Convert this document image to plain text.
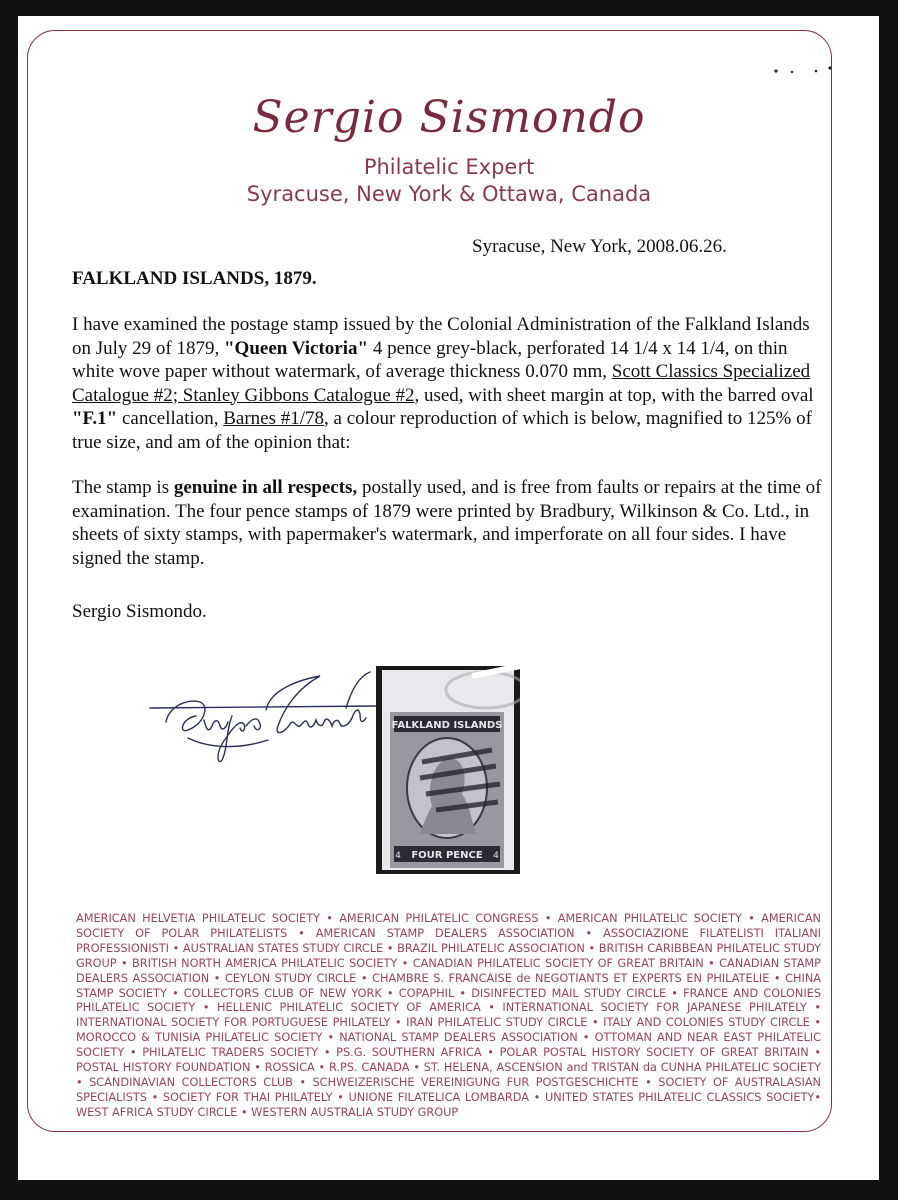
Sergio Sismondo
Philatelic Expert
Syracuse, New York & Ottawa, Canada
Syracuse, New York, 2008.06.26.
FALKLAND ISLANDS, 1879.
I have examined the postage stamp issued by the Colonial Administration of the Falkland Islands on July 29 of 1879, "Queen Victoria" 4 pence grey-black, perforated 14 1/4 x 14 1/4, on thin white wove paper without watermark, of average thickness 0.070 mm, Scott Classics Specialized Catalogue #2; Stanley Gibbons Catalogue #2, used, with sheet margin at top, with the barred oval "F.1" cancellation, Barnes #1/78, a colour reproduction of which is below, magnified to 125% of true size, and am of the opinion that:
The stamp is genuine in all respects, postally used, and is free from faults or repairs at the time of examination. The four pence stamps of 1879 were printed by Bradbury, Wilkinson & Co. Ltd., in sheets of sixty stamps, with papermaker's watermark, and imperforate on all four sides. I have signed the stamp.
Sergio Sismondo.
FALKLAND ISLANDS
FOUR PENCE
4	4
AMERICAN HELVETIA PHILATELIC SOCIETY • AMERICAN PHILATELIC CONGRESS • AMERICAN PHILATELIC SOCIETY • AMERICAN SOCIETY OF POLAR PHILATELISTS • AMERICAN STAMP DEALERS ASSOCIATION • ASSOCIAZIONE FILATELISTI ITALIANI PROFESSIONISTI • AUSTRALIAN STATES STUDY CIRCLE • BRAZIL PHILATELIC ASSOCIATION • BRITISH CARIBBEAN PHILATELIC STUDY GROUP • BRITISH NORTH AMERICA PHILATELIC SOCIETY • CANADIAN PHILATELIC SOCIETY OF GREAT BRITAIN • CANADIAN STAMP DEALERS ASSOCIATION • CEYLON STUDY CIRCLE • CHAMBRE S. FRANCAISE de NEGOTIANTS ET EXPERTS EN PHILATELIE • CHINA STAMP SOCIETY • COLLECTORS CLUB OF NEW YORK • COPAPHIL • DISINFECTED MAIL STUDY CIRCLE • FRANCE AND COLONIES PHILATELIC SOCIETY • HELLENIC PHILATELIC SOCIETY OF AMERICA • INTERNATIONAL SOCIETY FOR JAPANESE PHILATELY • INTERNATIONAL SOCIETY FOR PORTUGUESE PHILATELY • IRAN PHILATELIC STUDY CIRCLE • ITALY AND COLONIES STUDY CIRCLE • MOROCCO & TUNISIA PHILATELIC SOCIETY • NATIONAL STAMP DEALERS ASSOCIATION • OTTOMAN AND NEAR EAST PHILATELIC SOCIETY • PHILATELIC TRADERS SOCIETY • PS.G. SOUTHERN AFRICA • POLAR POSTAL HISTORY SOCIETY OF GREAT BRITAIN • POSTAL HISTORY FOUNDATION • ROSSICA • R.PS. CANADA • ST. HELENA, ASCENSION and TRISTAN da CUNHA PHILATELIC SOCIETY • SCANDINAVIAN COLLECTORS CLUB • SCHWEIZERISCHE VEREINIGUNG FUR POSTGESCHICHTE • SOCIETY OF AUSTRALASIAN SPECIALISTS • SOCIETY FOR THAI PHILATELY • UNIONE FILATELICA LOMBARDA • UNITED STATES PHILATELIC CLASSICS SOCIETY• WEST AFRICA STUDY CIRCLE • WESTERN AUSTRALIA STUDY GROUP
